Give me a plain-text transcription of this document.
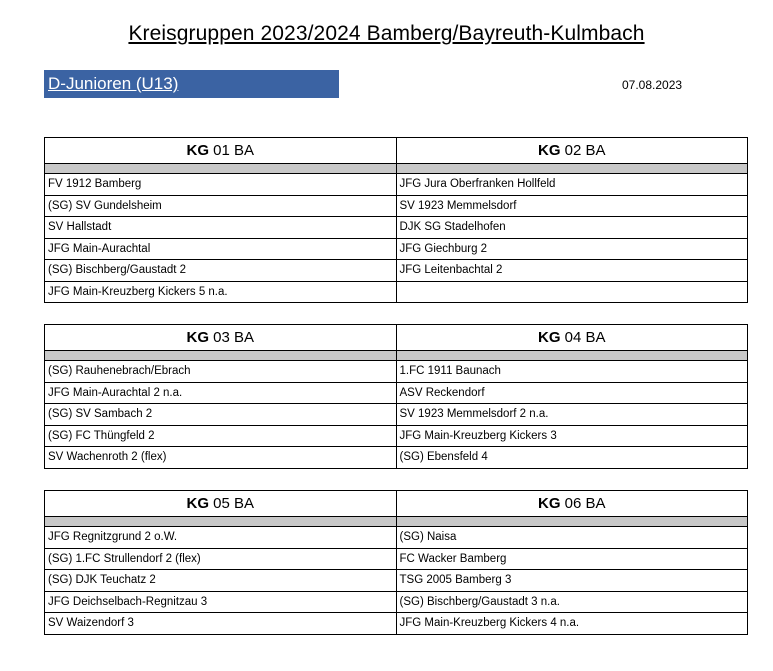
Kreisgruppen 2023/2024 Bamberg/Bayreuth-Kulmbach
D-Junioren (U13)	07.08.2023
KG 01 BA	KG 02 BA

FV 1912 Bamberg	JFG Jura Oberfranken Hollfeld
(SG) SV Gundelsheim	SV 1923 Memmelsdorf
SV Hallstadt	DJK SG Stadelhofen
JFG Main-Aurachtal	JFG Giechburg 2
(SG) Bischberg/Gaustadt 2	JFG Leitenbachtal 2
JFG Main-Kreuzberg Kickers 5 n.a.	
KG 03 BA	KG 04 BA

(SG) Rauhenebrach/Ebrach	1.FC 1911 Baunach
JFG Main-Aurachtal 2 n.a.	ASV Reckendorf
(SG) SV Sambach 2	SV 1923 Memmelsdorf 2 n.a.
(SG) FC Thüngfeld 2	JFG Main-Kreuzberg Kickers 3
SV Wachenroth 2 (flex)	(SG) Ebensfeld 4
KG 05 BA	KG 06 BA

JFG Regnitzgrund 2 o.W.	(SG) Naisa
(SG) 1.FC Strullendorf 2 (flex)	FC Wacker Bamberg
(SG) DJK Teuchatz 2	TSG 2005 Bamberg 3
JFG Deichselbach-Regnitzau 3	(SG) Bischberg/Gaustadt 3 n.a.
SV Waizendorf 3	JFG Main-Kreuzberg Kickers 4 n.a.
